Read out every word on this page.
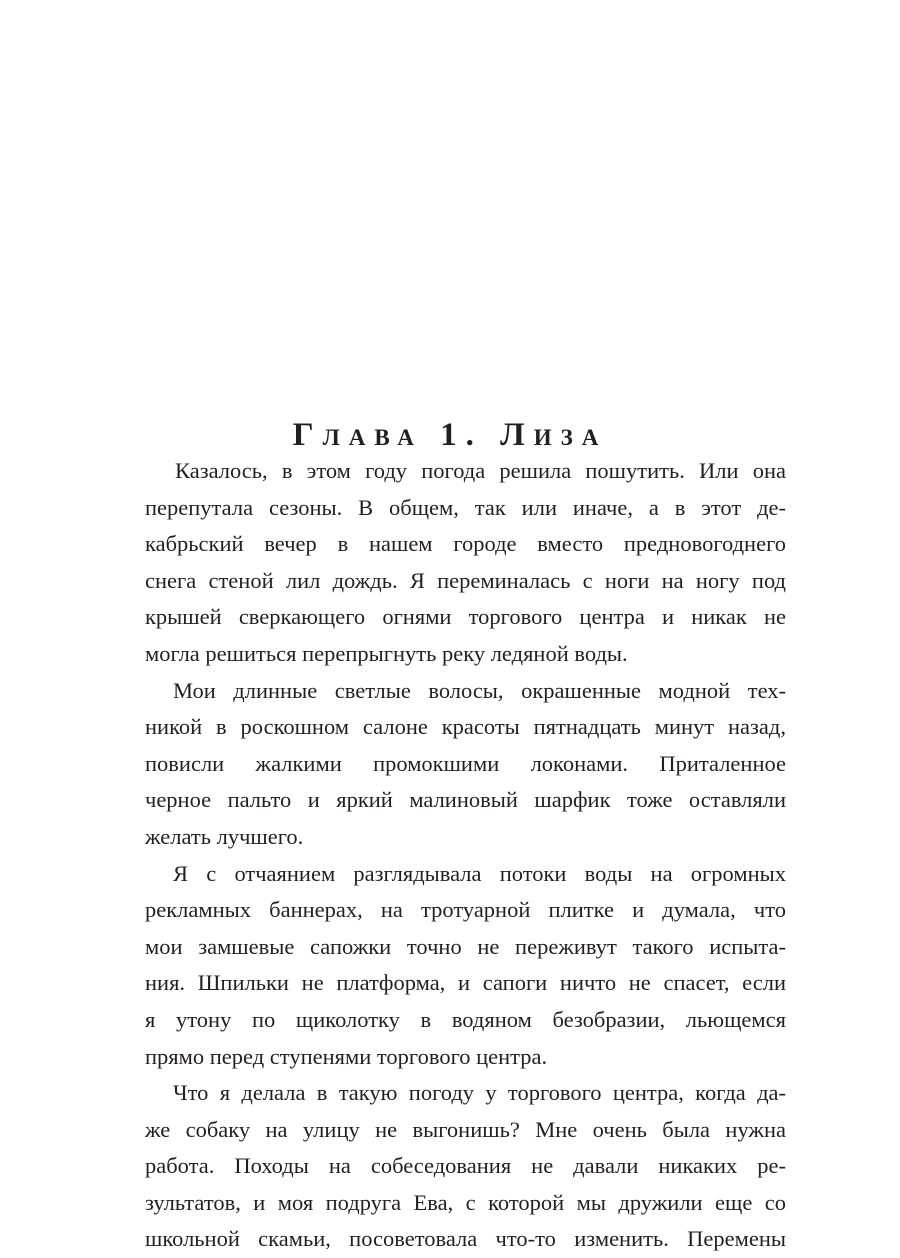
Глава 1. Лиза
Казалось, в этом году погода решила пошутить. Или она
перепутала сезоны. В общем, так или иначе, а в этот де-
кабрьский вечер в нашем городе вместо предновогоднего
снега стеной лил дождь. Я переминалась с ноги на ногу под
крышей сверкающего огнями торгового центра и никак не
могла решиться перепрыгнуть реку ледяной воды.
Мои длинные светлые волосы, окрашенные модной тех-
никой в роскошном салоне красоты пятнадцать минут назад,
повисли жалкими промокшими локонами. Приталенное
черное пальто и яркий малиновый шарфик тоже оставляли
желать лучшего.
Я с отчаянием разглядывала потоки воды на огромных
рекламных баннерах, на тротуарной плитке и думала, что
мои замшевые сапожки точно не переживут такого испыта-
ния. Шпильки не платформа, и сапоги ничто не спасет, если
я утону по щиколотку в водяном безобразии, льющемся
прямо перед ступенями торгового центра.
Что я делала в такую погоду у торгового центра, когда да-
же собаку на улицу не выгонишь? Мне очень была нужна
работа. Походы на собеседования не давали никаких ре-
зультатов, и моя подруга Ева, с которой мы дружили еще со
школьной скамьи, посоветовала что-то изменить. Перемены
